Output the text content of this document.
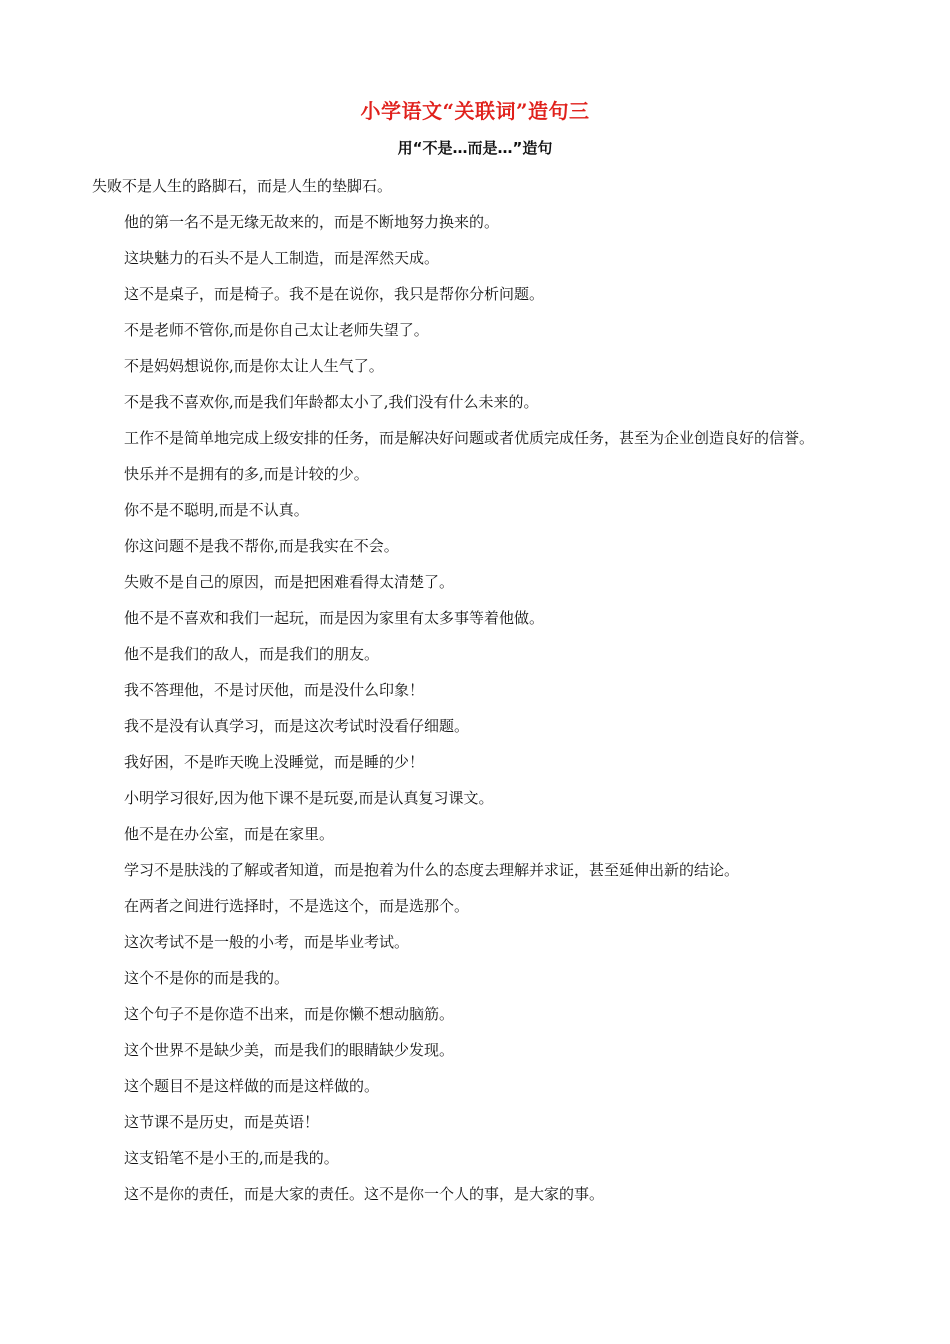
小学语文“关联词”造句三
用“不是…而是…”造句

失败不是人生的路脚石，而是人生的垫脚石。

他的第一名不是无缘无故来的，而是不断地努力换来的。

这块魅力的石头不是人工制造，而是浑然天成。

这不是桌子，而是椅子。我不是在说你，我只是帮你分析问题。

不是老师不管你,而是你自己太让老师失望了。

不是妈妈想说你,而是你太让人生气了。

不是我不喜欢你,而是我们年龄都太小了,我们没有什么未来的。

工作不是简单地完成上级安排的任务，而是解决好问题或者优质完成任务，甚至为企业创造良好的信誉。

快乐并不是拥有的多,而是计较的少。

你不是不聪明,而是不认真。

你这问题不是我不帮你,而是我实在不会。

失败不是自己的原因，而是把困难看得太清楚了。

他不是不喜欢和我们一起玩，而是因为家里有太多事等着他做。

他不是我们的敌人，而是我们的朋友。

我不答理他，不是讨厌他，而是没什么印象！

我不是没有认真学习，而是这次考试时没看仔细题。

我好困，不是昨天晚上没睡觉，而是睡的少！

小明学习很好,因为他下课不是玩耍,而是认真复习课文。

他不是在办公室，而是在家里。

学习不是肤浅的了解或者知道，而是抱着为什么的态度去理解并求证，甚至延伸出新的结论。

在两者之间进行选择时，不是选这个，而是选那个。

这次考试不是一般的小考，而是毕业考试。

这个不是你的而是我的。

这个句子不是你造不出来，而是你懒不想动脑筋。

这个世界不是缺少美，而是我们的眼睛缺少发现。

这个题目不是这样做的而是这样做的。

这节课不是历史，而是英语！

这支铅笔不是小王的,而是我的。

这不是你的责任，而是大家的责任。这不是你一个人的事，是大家的事。
